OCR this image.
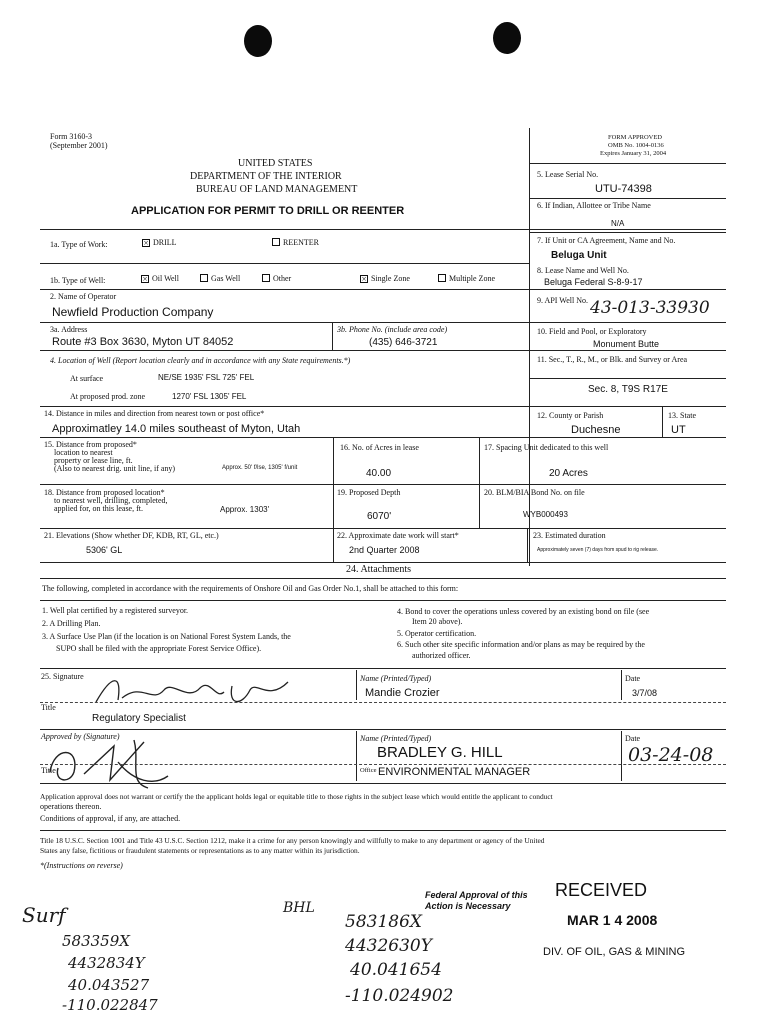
Form 3160-3
(September 2001)
UNITED STATES
DEPARTMENT OF THE INTERIOR
BUREAU OF LAND MANAGEMENT
APPLICATION FOR PERMIT TO DRILL OR REENTER
FORM APPROVED
OMB No. 1004-0136
Expires January 31, 2004
5. Lease Serial No.
UTU-74398
6. If Indian, Allottee or Tribe Name
N/A
7. If Unit or CA Agreement, Name and No.
Beluga Unit
8. Lease Name and Well No.
Beluga Federal S-8-9-17
9. API Well No. 43-013-33930
10. Field and Pool, or Exploratory
Monument Butte
11. Sec., T., R., M., or Blk. and Survey or Area
Sec. 8, T9S R17E
12. County or Parish
Duchesne
13. State
UT
1a. Type of Work: ×	DRILL	REENTER
1b. Type of Well: ×	Oil Well	Gas Well	Other ×	Single Zone	Multiple Zone
2. Name of Operator
Newfield Production Company
3a. Address
Route #3 Box 3630, Myton UT 84052
3b. Phone No. (include area code)
(435) 646-3721
4. Location of Well (Report location clearly and in accordance with any State requirements.*)
At surface	NE/SE 1935' FSL 725' FEL
At proposed prod. zone	1270' FSL 1305' FEL
14. Distance in miles and direction from nearest town or post office*
Approximatley 14.0 miles southeast of Myton, Utah
15. Distance from proposed*
location to nearest
property or lease line, ft.
(Also to nearest drig. unit line, if any)	Approx. 50' f/lse, 1305' f/unit
16. No. of Acres in lease
40.00
17. Spacing Unit dedicated to this well
20 Acres
18. Distance from proposed location*
to nearest well, drilling, completed,
applied for, on this lease, ft.	Approx. 1303'
19. Proposed Depth
6070'
20. BLM/BIA Bond No. on file
WYB000493
21. Elevations (Show whether DF, KDB, RT, GL, etc.)
5306' GL
22. Approximate date work will start*
2nd Quarter 2008
23. Estimated duration
Approximately seven (7) days from spud to rig release.
24. Attachments
The following, completed in accordance with the requirements of Onshore Oil and Gas Order No.1, shall be attached to this form:
1. Well plat certified by a registered surveyor.
2. A Drilling Plan.
3. A Surface Use Plan (if the location is on National Forest System Lands, the
SUPO shall be filed with the appropriate Forest Service Office).
4. Bond to cover the operations unless covered by an existing bond on file (see
Item 20 above).
5. Operator certification.
6. Such other site specific information and/or plans as may be required by the
authorized officer.
25. Signature	Name (Printed/Typed)
Mandie Crozier
Date
3/7/08
Title
Regulatory Specialist
Approved by (Signature)	Name (Printed/Typed)
BRADLEY G. HILL
Date
03-24-08
Title	Office ENVIRONMENTAL MANAGER
Application approval does not warrant or certify the the applicant holds legal or equitable title to those rights in the subject lease which would entitle the applicant to conduct
operations thereon.
Conditions of approval, if any, are attached.
Title 18 U.S.C. Section 1001 and Title 43 U.S.C. Section 1212, make it a crime for any person knowingly and willfully to make to any department or agency of the United
States any false, fictitious or fraudulent statements or representations as to any matter within its jurisdiction.
*(Instructions on reverse)
Federal Approval of this
Action is Necessary
RECEIVED
MAR 1 4 2008
DIV. OF OIL, GAS & MINING
Surf
583359X
4432834Y
40.043527
-110.022847
BHL
583186X
4432630Y
40.041654
-110.024902
